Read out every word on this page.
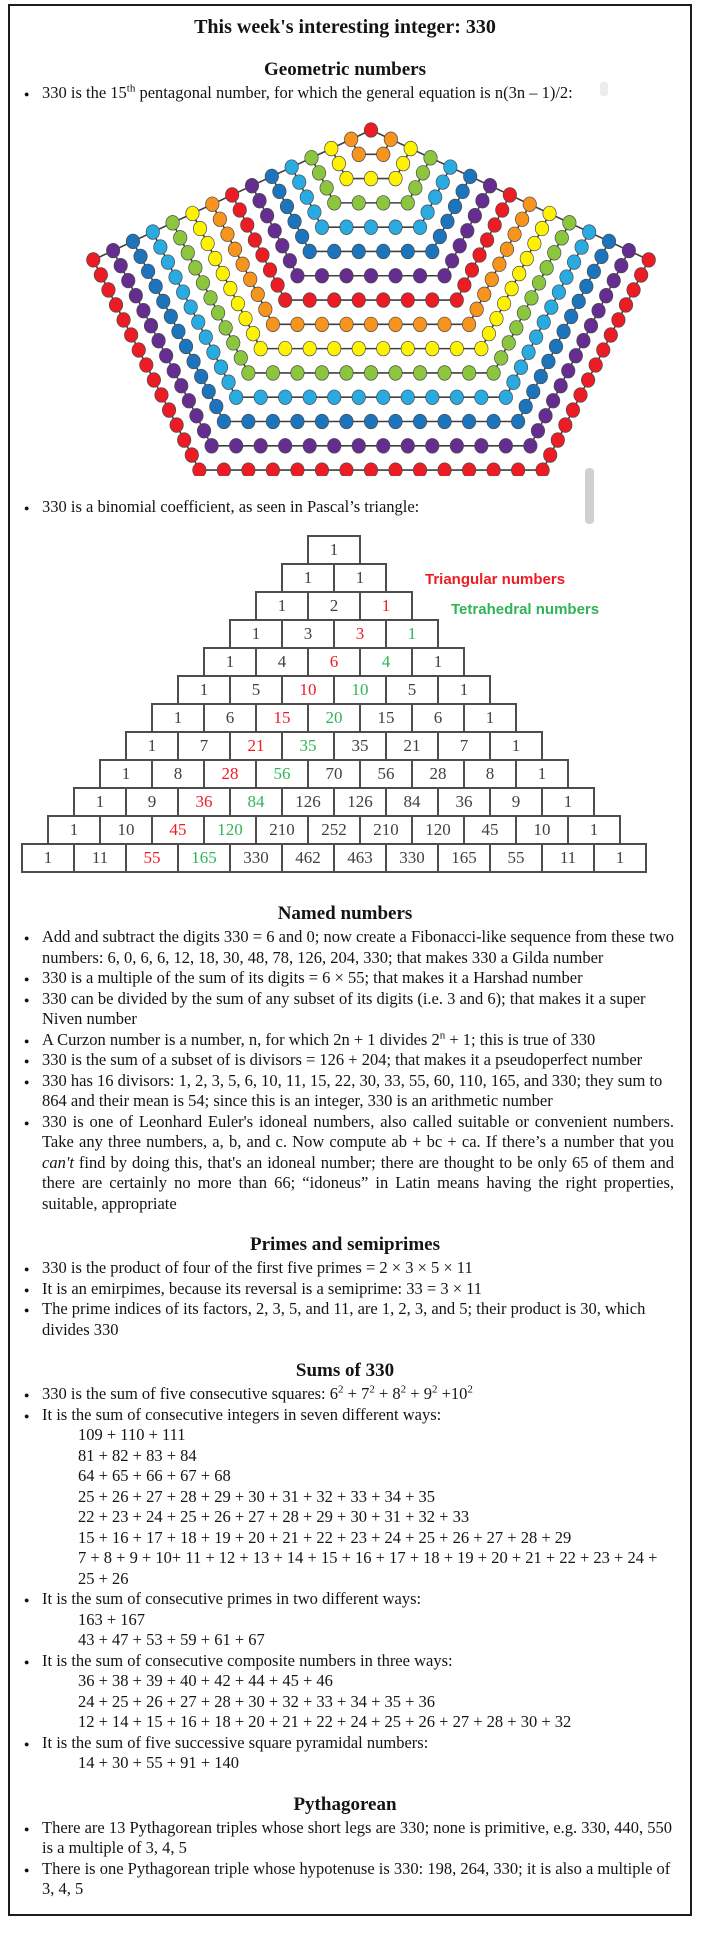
This week's interesting integer: 330
Geometric numbers
● 330 is the 15th pentagonal number, for which the general equation is n(3n – 1)/2:
● 330 is a binomial coefficient, as seen in Pascal’s triangle:
Triangular numbers
Tetrahedral numbers
1
1	1
1	2	1
1	3	3	1
1	4	6	4	1
1	5 10 10 5	1
1	6 15 20 15 6	1
1	7 21 35 35 21 7	1
1	8 28 56 70 56 28 8	1
1	9 36 84 126 126 84 36 9	1
1 10 45 120 210 252 210 120 45 10 1
1 11 55 165 330 462 463 330 165 55 11 1
Named numbers
● Add and subtract the digits 330 = 6 and 0; now create a Fibonacci-like sequence from these two numbers: 6, 0, 6, 6, 12, 18, 30, 48, 78, 126, 204, 330; that makes 330 a Gilda number
● 330 is a multiple of the sum of its digits = 6 × 55; that makes it a Harshad number
● 330 can be divided by the sum of any subset of its digits (i.e. 3 and 6); that makes it a super Niven number
● A Curzon number is a number, n, for which 2n + 1 divides $2^n + 1$; this is true of 330
● 330 is the sum of a subset of is divisors = 126 + 204; that makes it a pseudoperfect number
● 330 has 16 divisors: 1, 2, 3, 5, 6, 10, 11, 15, 22, 30, 33, 55, 60, 110, 165, and 330; they sum to 864 and their mean is 54; since this is an integer, 330 is an arithmetic number
● 330 is one of Leonhard Euler's idoneal numbers, also called suitable or convenient numbers. Take any three numbers, a, b, and c. Now compute ab + bc + ca. If there’s a number that you can't find by doing this, that's an idoneal number; there are thought to be only 65 of them and there are certainly no more than 66; “idoneus” in Latin means having the right properties, suitable, appropriate
Primes and semiprimes
● 330 is the product of four of the first five primes = 2 × 3 × 5 × 11
● It is an emirpimes, because its reversal is a semiprime: 33 = 3 × 11
● The prime indices of its factors, 2, 3, 5, and 11, are 1, 2, 3, and 5; their product is 30, which divides 330
Sums of 330
● 330 is the sum of five consecutive squares: $6^2 + 7^2 + 8^2 + 9^2 +10^2$
● It is the sum of consecutive integers in seven different ways:
109 + 110 + 111
81 + 82 + 83 + 84
64 + 65 + 66 + 67 + 68
25 + 26 + 27 + 28 + 29 + 30 + 31 + 32 + 33 + 34 + 35
22 + 23 + 24 + 25 + 26 + 27 + 28 + 29 + 30 + 31 + 32 + 33
15 + 16 + 17 + 18 + 19 + 20 + 21 + 22 + 23 + 24 + 25 + 26 + 27 + 28 + 29
7 + 8 + 9 + 10+ 11 + 12 + 13 + 14 + 15 + 16 + 17 + 18 + 19 + 20 + 21 + 22 + 23 + 24 + 25 + 26
● It is the sum of consecutive primes in two different ways:
163 + 167
43 + 47 + 53 + 59 + 61 + 67
● It is the sum of consecutive composite numbers in three ways:
36 + 38 + 39 + 40 + 42 + 44 + 45 + 46
24 + 25 + 26 + 27 + 28 + 30 + 32 + 33 + 34 + 35 + 36
12 + 14 + 15 + 16 + 18 + 20 + 21 + 22 + 24 + 25 + 26 + 27 + 28 + 30 + 32
● It is the sum of five successive square pyramidal numbers:
14 + 30 + 55 + 91 + 140
Pythagorean
● There are 13 Pythagorean triples whose short legs are 330; none is primitive, e.g. 330, 440, 550 is a multiple of 3, 4, 5
● There is one Pythagorean triple whose hypotenuse is 330: 198, 264, 330; it is also a multiple of 3, 4, 5
